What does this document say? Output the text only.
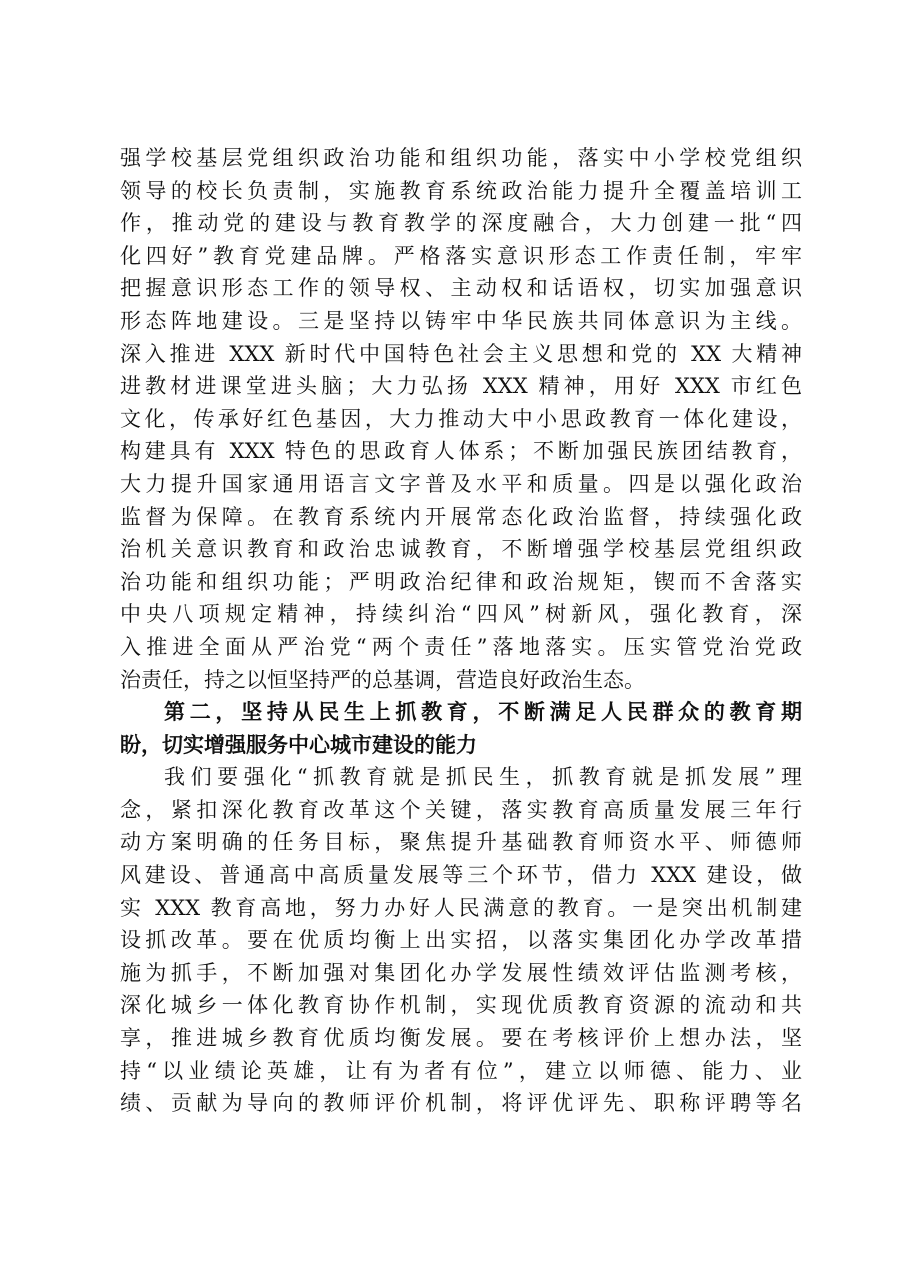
强学校基层党组织政治功能和组织功能，落实中小学校党组织
领导的校长负责制，实施教育系统政治能力提升全覆盖培训工
作，推动党的建设与教育教学的深度融合，大力创建一批“四
化四好”教育党建品牌。严格落实意识形态工作责任制，牢牢
把握意识形态工作的领导权、主动权和话语权，切实加强意识
形态阵地建设。三是坚持以铸牢中华民族共同体意识为主线。
深入推进 XXX 新时代中国特色社会主义思想和党的 XX 大精神
进教材进课堂进头脑；大力弘扬 XXX 精神，用好 XXX 市红色
文化，传承好红色基因，大力推动大中小思政教育一体化建设，
构建具有 XXX 特色的思政育人体系；不断加强民族团结教育，
大力提升国家通用语言文字普及水平和质量。四是以强化政治
监督为保障。在教育系统内开展常态化政治监督，持续强化政
治机关意识教育和政治忠诚教育，不断增强学校基层党组织政
治功能和组织功能；严明政治纪律和政治规矩，锲而不舍落实
中央八项规定精神，持续纠治“四风”树新风，强化教育，深
入推进全面从严治党“两个责任”落地落实。压实管党治党政
治责任，持之以恒坚持严的总基调，营造良好政治生态。
第二，坚持从民生上抓教育，不断满足人民群众的教育期
盼，切实增强服务中心城市建设的能力
我们要强化“抓教育就是抓民生，抓教育就是抓发展”理
念，紧扣深化教育改革这个关键，落实教育高质量发展三年行
动方案明确的任务目标，聚焦提升基础教育师资水平、师德师
风建设、普通高中高质量发展等三个环节，借力 XXX 建设，做
实 XXX 教育高地，努力办好人民满意的教育。一是突出机制建
设抓改革。要在优质均衡上出实招，以落实集团化办学改革措
施为抓手，不断加强对集团化办学发展性绩效评估监测考核，
深化城乡一体化教育协作机制，实现优质教育资源的流动和共
享，推进城乡教育优质均衡发展。要在考核评价上想办法，坚
持“以业绩论英雄，让有为者有位”，建立以师德、能力、业
绩、贡献为导向的教师评价机制，将评优评先、职称评聘等名
